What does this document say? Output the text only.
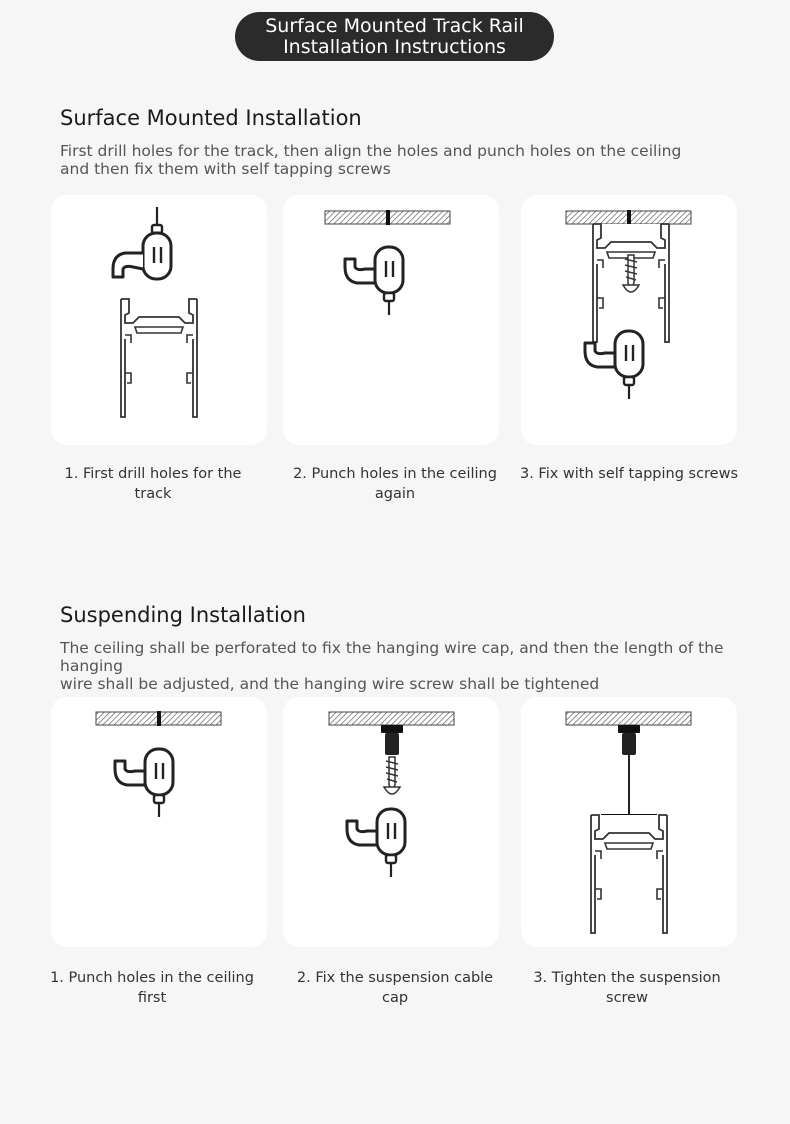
Surface Mounted Track Rail
Installation Instructions
Surface Mounted Installation
First drill holes for the track, then align the holes and punch holes on the ceiling
and then fix them with self tapping screws
1. First drill holes for the track
2. Punch holes in the ceiling again
3. Fix with self tapping screws
Suspending Installation
The ceiling shall be perforated to fix the hanging wire cap, and then the length of the hanging
wire shall be adjusted, and the hanging wire screw shall be tightened
1. Punch holes in the ceiling first
2. Fix the suspension cable cap
3. Tighten the suspension screw
